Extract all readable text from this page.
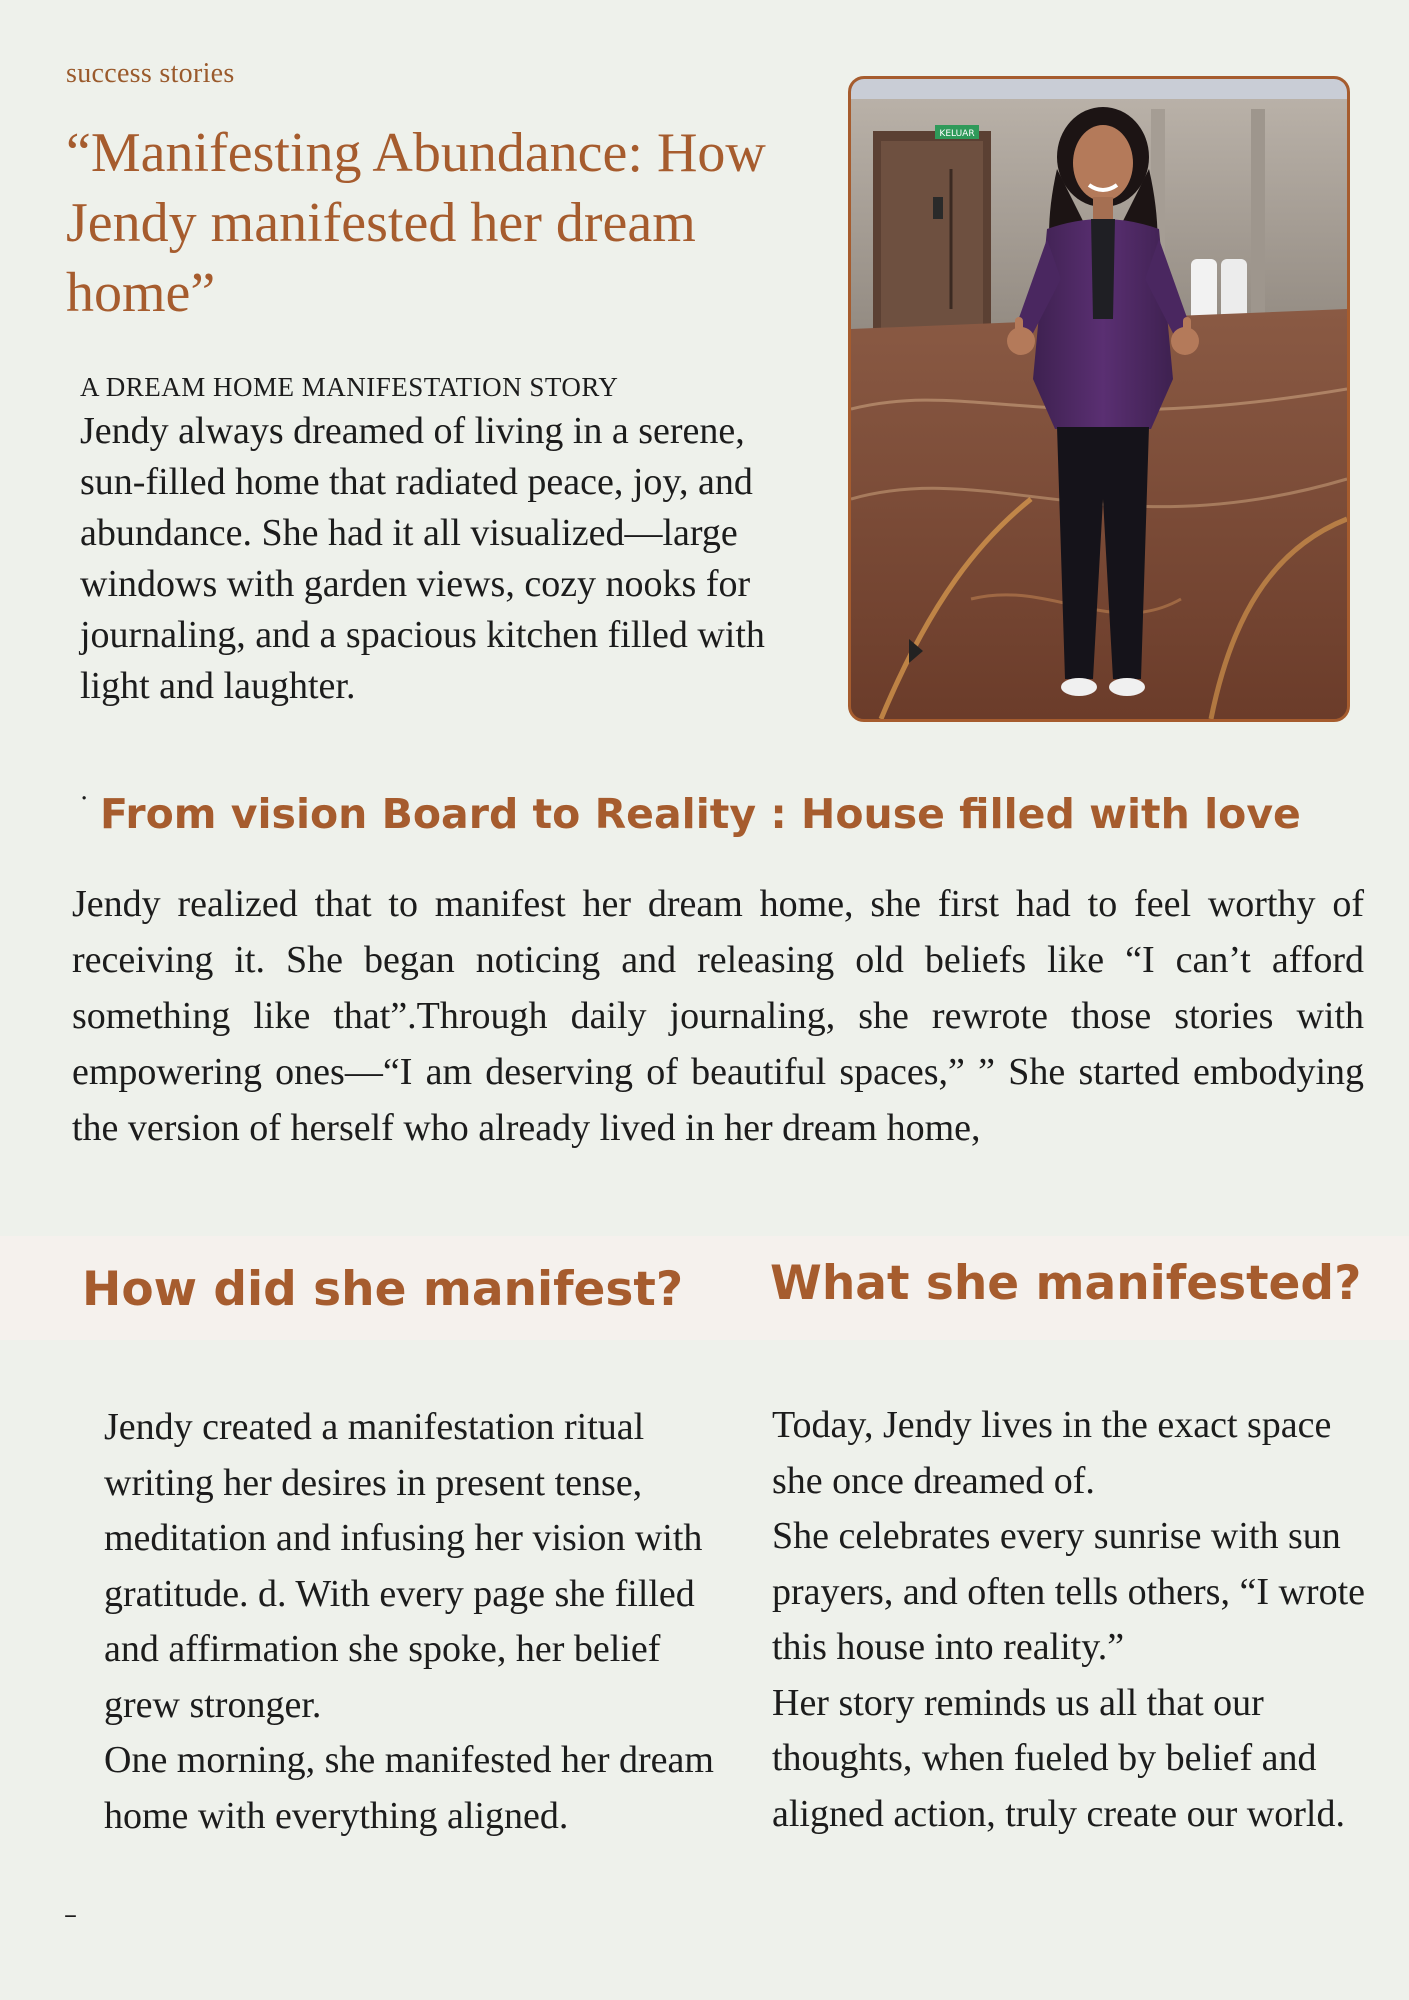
success stories
“Manifesting Abundance: How Jendy manifested her dream home”
KELUAR
A DREAM HOME MANIFESTATION STORY

Jendy always dreamed of living in a serene, sun-filled home that radiated peace, joy, and abundance. She had it all visualized—large windows with garden views, cozy nooks for journaling, and a spacious kitchen filled with light and laughter.

. From vision Board to Reality : House filled with love

Jendy realized that to manifest her dream home, she first had to feel worthy of receiving it. She began noticing and releasing old beliefs like “I can’t afford something like that”.Through daily journaling, she rewrote those stories with empowering ones—“I am deserving of beautiful spaces,” ” She started embodying the version of herself who already lived in her dream home,

How did she manifest? What she manifested?

Jendy created a manifestation ritual writing her desires in present tense, meditation and infusing her vision with gratitude. d. With every page she filled and affirmation she spoke, her belief grew stronger.
One morning, she manifested her dream home with everything aligned.

Today, Jendy lives in the exact space she once dreamed of.
She celebrates every sunrise with sun prayers, and often tells others, “I wrote this house into reality.”
Her story reminds us all that our thoughts, when fueled by belief and aligned action, truly create our world.

–
